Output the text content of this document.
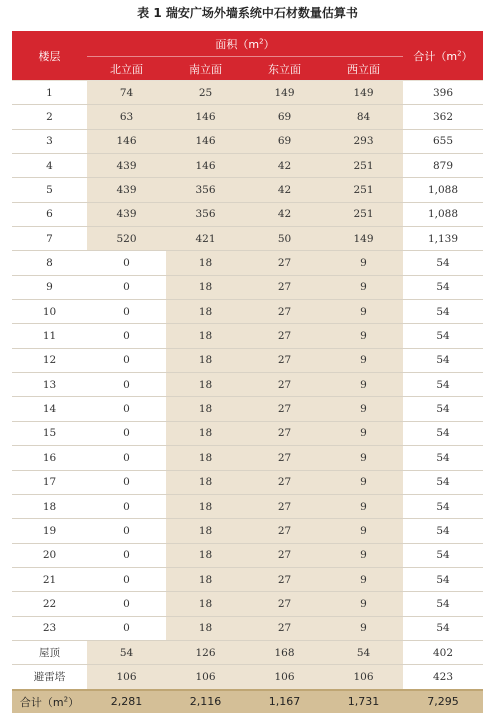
表 1 瑞安广场外墙系统中石材数量估算书
楼层	面积$(m^2)$				合计$(m^2)$
	北立面	南立面	东立面	西立面	
1	74	25	149	149	396
2	63	146	69	84	362
3	146	146	69	293	655
4	439	146	42	251	879
5	439	356	42	251	1,088
6	439	356	42	251	1,088
7	520	421	50	149	1,139
8	0	18	27	9	54
9	0	18	27	9	54
10	0	18	27	9	54
11	0	18	27	9	54
12	0	18	27	9	54
13	0	18	27	9	54
14	0	18	27	9	54
15	0	18	27	9	54
16	0	18	27	9	54
17	0	18	27	9	54
18	0	18	27	9	54
19	0	18	27	9	54
20	0	18	27	9	54
21	0	18	27	9	54
22	0	18	27	9	54
23	0	18	27	9	54
屋顶	54	126	168	54	402
避雷塔	106	106	106	106	423
合计$(m^2)$	2,281	2,116	1,167	1,731	7,295
